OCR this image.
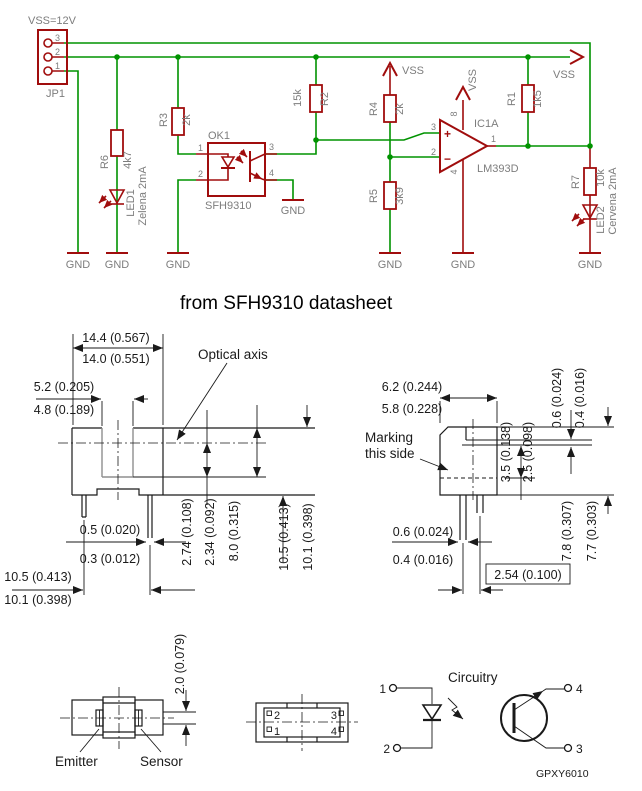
VSS=12V
3
2
1
JP1
R6 4k7
R3 2k
15k R2
R4 2k
R5 3k9
R1 1k5
R7 10k
LED1 Zelena 2mA
OK1
SFH9310
1
2
3
4
VSS	VSS	VSS
+
−
3
2
8
4
1
IC1A
LM393D
LED2 Cervena 2mA
GND GND	GND	GND	GND	GND
GND
from SFH9310 datasheet
14.4 (0.567)
14.0 (0.551)
5.2 (0.205)
4.8 (0.189)
Optical axis
0.5 (0.020)
0.3 (0.012)
10.5 (0.413)
10.1 (0.398)
2.74 (0.108) 2.34 (0.092) 8.0 (0.315)	10.5 (0.413) 10.1 (0.398)
6.2 (0.244)
5.8 (0.228)
Marking
this side	3.5 (0.138) 2.5 (0.098)
0.6 (0.024) 0.4 (0.016)
0.6 (0.024)
0.4 (0.016)
2.54 (0.100)
7.8 (0.307) 7.7 (0.303)
2.0 (0.079)
Emitter	Sensor
2
1
3
4
Circuitry
1
2
4
3
GPXY6010
